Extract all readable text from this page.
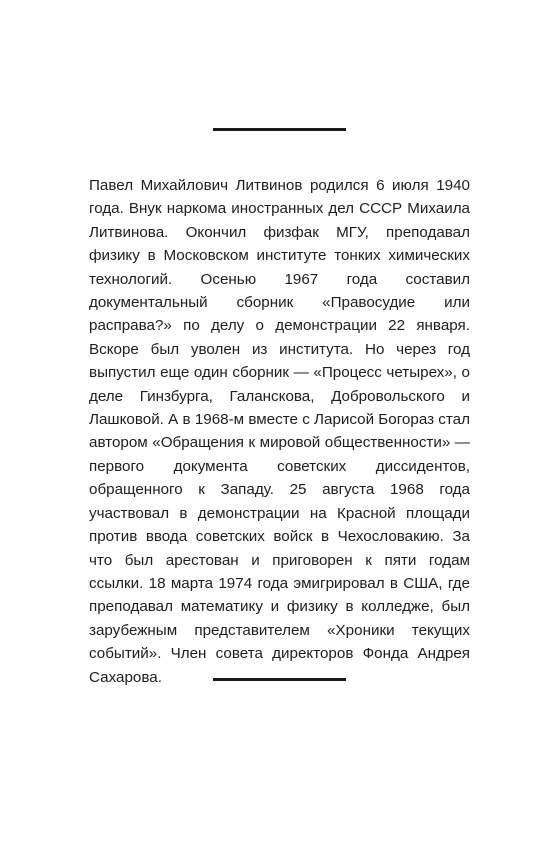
Павел Михайлович Литвинов родился 6 июля 1940 года. Внук наркома иностранных дел СССР Михаила Литвинова. Окончил физфак МГУ, преподавал физику в Московском институте тонких химических технологий. Осенью 1967 года составил документальный сборник «Правосудие или расправа?» по делу о демонстрации 22 января. Вскоре был уволен из института. Но через год выпустил еще один сборник — «Процесс четырех», о деле Гинзбурга, Галанскова, Добровольского и Лашковой. А в 1968-м вместе с Ларисой Богораз стал автором «Обращения к мировой общественности» — первого документа советских диссидентов, обращенного к Западу. 25 августа 1968 года участвовал в демонстрации на Красной площади против ввода советских войск в Чехословакию. За что был арестован и приговорен к пяти годам ссылки. 18 марта 1974 года эмигрировал в США, где преподавал математику и физику в колледже, был зарубежным представителем «Хроники текущих событий». Член совета директоров Фонда Андрея Сахарова.
